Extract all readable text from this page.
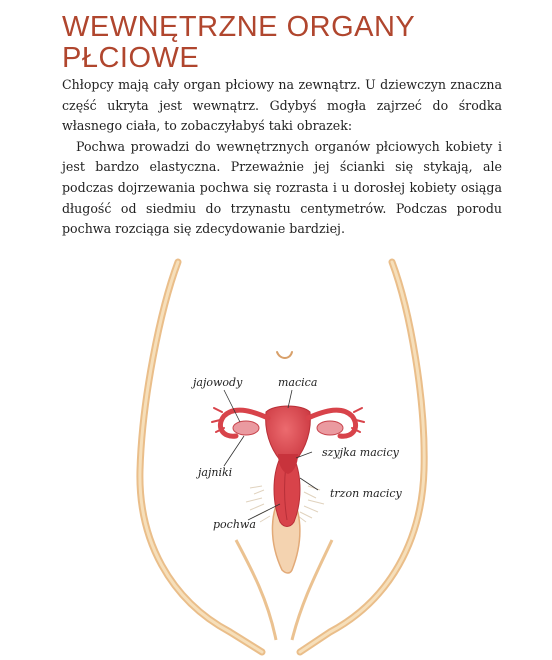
WEWNĘTRZNE ORGANY
PŁCIOWE

Chłopcy mają cały organ płciowy na zewnątrz. U dziewczyn znaczna część ukryta jest wewnątrz. Gdybyś mogła zajrzeć do środka własnego ciała, to zobaczyłabyś taki obrazek:

Pochwa prowadzi do wewnętrznych organów płciowych kobiety i jest bardzo elastyczna. Przeważnie jej ścianki się stykają, ale podczas dojrzewania pochwa się rozrasta i u dorosłej kobiety osiąga długość od siedmiu do trzynastu centymetrów. Podczas porodu pochwa rozciąga się zdecydowanie bardziej.

jajowody	macica
szyjka macicy
jajniki
trzon macicy
pochwa
